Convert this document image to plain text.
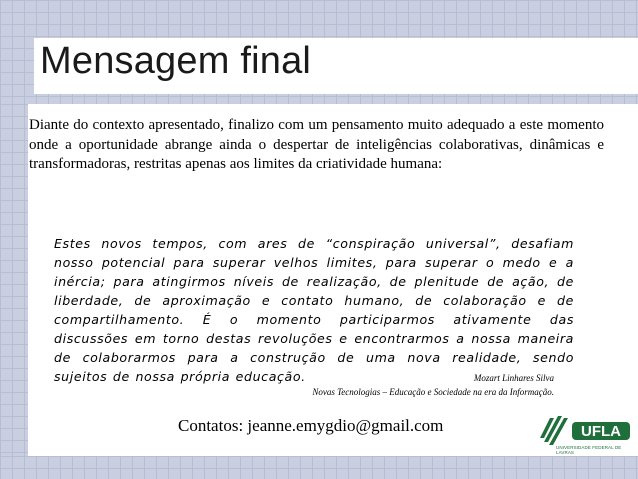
Mensagem final

Diante do contexto apresentado, finalizo com um pensamento muito adequado a este momento onde a oportunidade abrange ainda o despertar de inteligências colaborativas, dinâmicas e transformadoras, restritas apenas aos limites da criatividade humana:

Estes novos tempos, com ares de “conspiração universal”, desafiam nosso potencial para superar velhos limites, para superar o medo e a inércia; para atingirmos níveis de realização, de plenitude de ação, de liberdade, de aproximação e contato humano, de colaboração e de compartilhamento. É o momento participarmos ativamente das discussões em torno destas revoluções e encontrarmos a nossa maneira de colaborarmos para a construção de uma nova realidade, sendo sujeitos de nossa própria educação.	Mozart Linhares Silva

Novas Tecnologias – Educação e Sociedade na era da Informação.

Contatos: jeanne.emygdio@gmail.com	UFLA

UNIVERSIDADE FEDERAL DE LAVRAS
